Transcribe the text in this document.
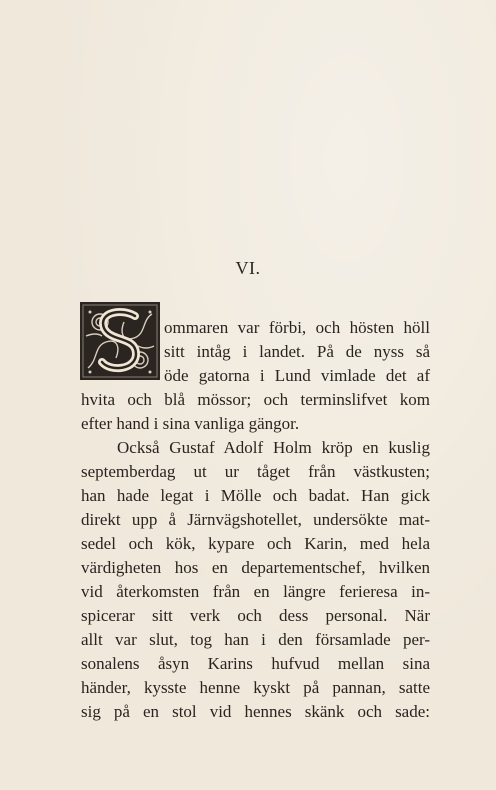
VI.
ommaren var förbi, och hösten höll
sitt intåg i landet. På de nyss så
öde gatorna i Lund vimlade det af
hvita och blå mössor; och terminslifvet kom
efter hand i sina vanliga gängor.
Också Gustaf Adolf Holm kröp en kuslig
septemberdag ut ur tåget från västkusten;
han hade legat i Mölle och badat. Han gick
direkt upp å Järnvägshotellet, undersökte mat-
sedel och kök, kypare och Karin, med hela
värdigheten hos en departementschef, hvilken
vid återkomsten från en längre ferieresa in-
spicerar sitt verk och dess personal. När
allt var slut, tog han i den församlade per-
sonalens åsyn Karins hufvud mellan sina
händer, kysste henne kyskt på pannan, satte
sig på en stol vid hennes skänk och sade:
